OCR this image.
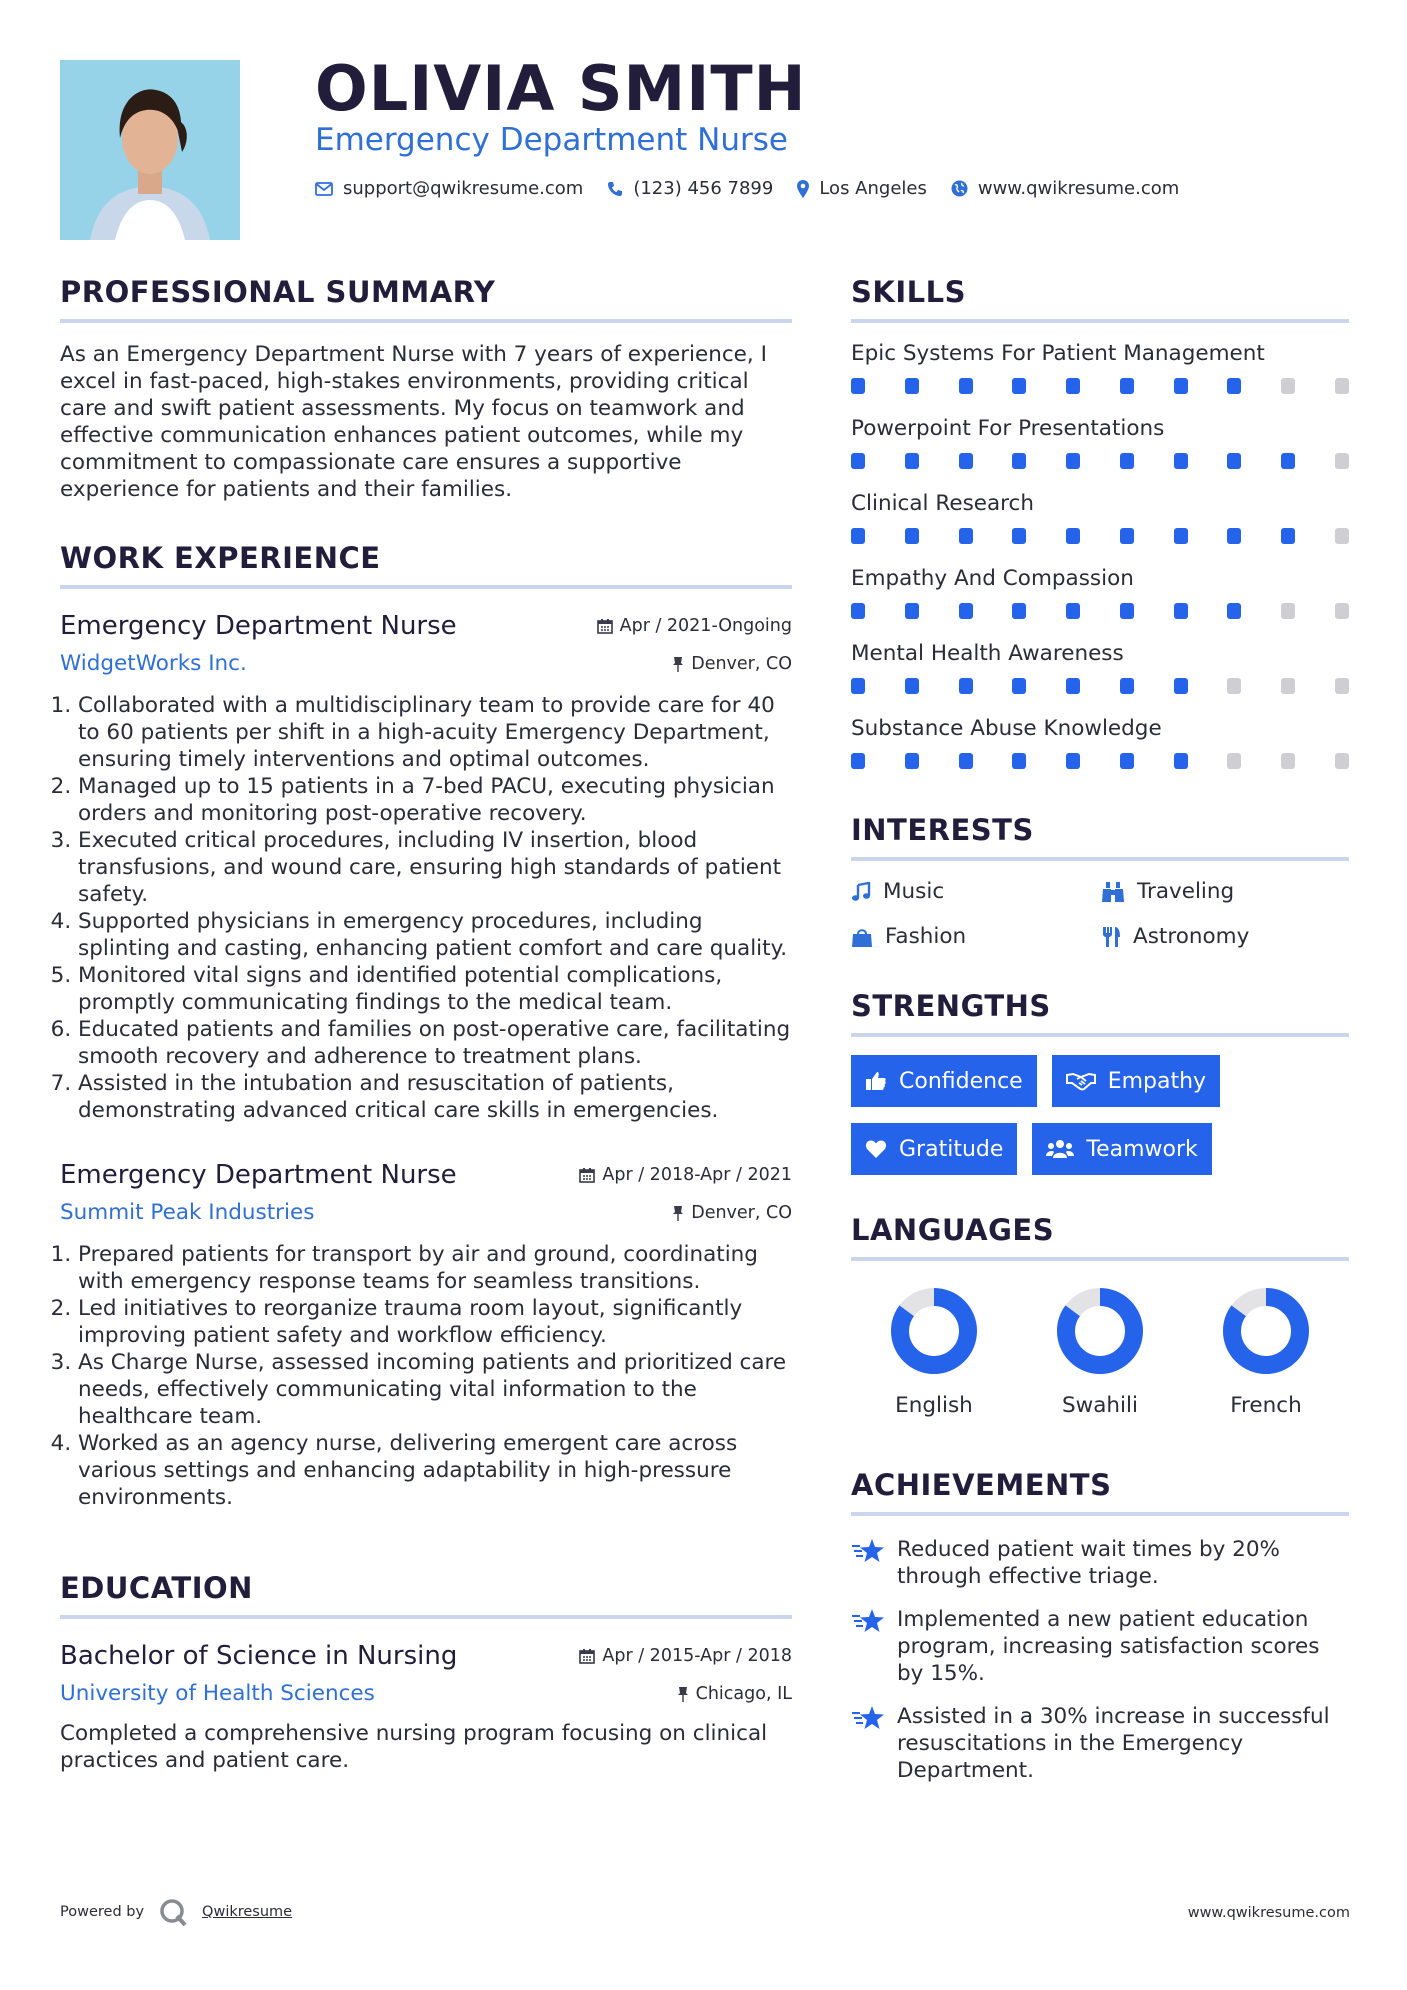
OLIVIA SMITH
Emergency Department Nurse
support@qwikresume.com	(123) 456 7899	Los Angeles	www.qwikresume.com
PROFESSIONAL SUMMARY

As an Emergency Department Nurse with 7 years of experience, I excel in fast-paced, high-stakes environments, providing critical care and swift patient assessments. My focus on teamwork and effective communication enhances patient outcomes, while my commitment to compassionate care ensures a supportive experience for patients and their families.

WORK EXPERIENCE
Emergency Department Nurse	Apr / 2021-Ongoing
WidgetWorks Inc.	Denver, CO
1. Collaborated with a multidisciplinary team to provide care for 40 to 60 patients per shift in a high-acuity Emergency Department, ensuring timely interventions and optimal outcomes.
2. Managed up to 15 patients in a 7-bed PACU, executing physician orders and monitoring post-operative recovery.
3. Executed critical procedures, including IV insertion, blood transfusions, and wound care, ensuring high standards of patient safety.
4. Supported physicians in emergency procedures, including splinting and casting, enhancing patient comfort and care quality.
5. Monitored vital signs and identified potential complications, promptly communicating findings to the medical team.
6. Educated patients and families on post-operative care, facilitating smooth recovery and adherence to treatment plans.
7. Assisted in the intubation and resuscitation of patients, demonstrating advanced critical care skills in emergencies.
Emergency Department Nurse	Apr / 2018-Apr / 2021
Summit Peak Industries	Denver, CO
1. Prepared patients for transport by air and ground, coordinating with emergency response teams for seamless transitions.
2. Led initiatives to reorganize trauma room layout, significantly improving patient safety and workflow efficiency.
3. As Charge Nurse, assessed incoming patients and prioritized care needs, effectively communicating vital information to the healthcare team.
4. Worked as an agency nurse, delivering emergent care across various settings and enhancing adaptability in high-pressure environments.
EDUCATION
Bachelor of Science in Nursing	Apr / 2015-Apr / 2018
University of Health Sciences	Chicago, IL

Completed a comprehensive nursing program focusing on clinical practices and patient care.

SKILLS
Epic Systems For Patient Management
Powerpoint For Presentations
Clinical Research
Empathy And Compassion
Mental Health Awareness
Substance Abuse Knowledge
INTERESTS
Music	Traveling
Fashion	Astronomy
STRENGTHS
Confidence	Empathy
Gratitude	Teamwork
LANGUAGES
English	Swahili	French
ACHIEVEMENTS
Reduced patient wait times by 20% through effective triage.
Implemented a new patient education program, increasing satisfaction scores by 15%.
Assisted in a 30% increase in successful resuscitations in the Emergency Department.
Powered by	Qwikresume	www.qwikresume.com
